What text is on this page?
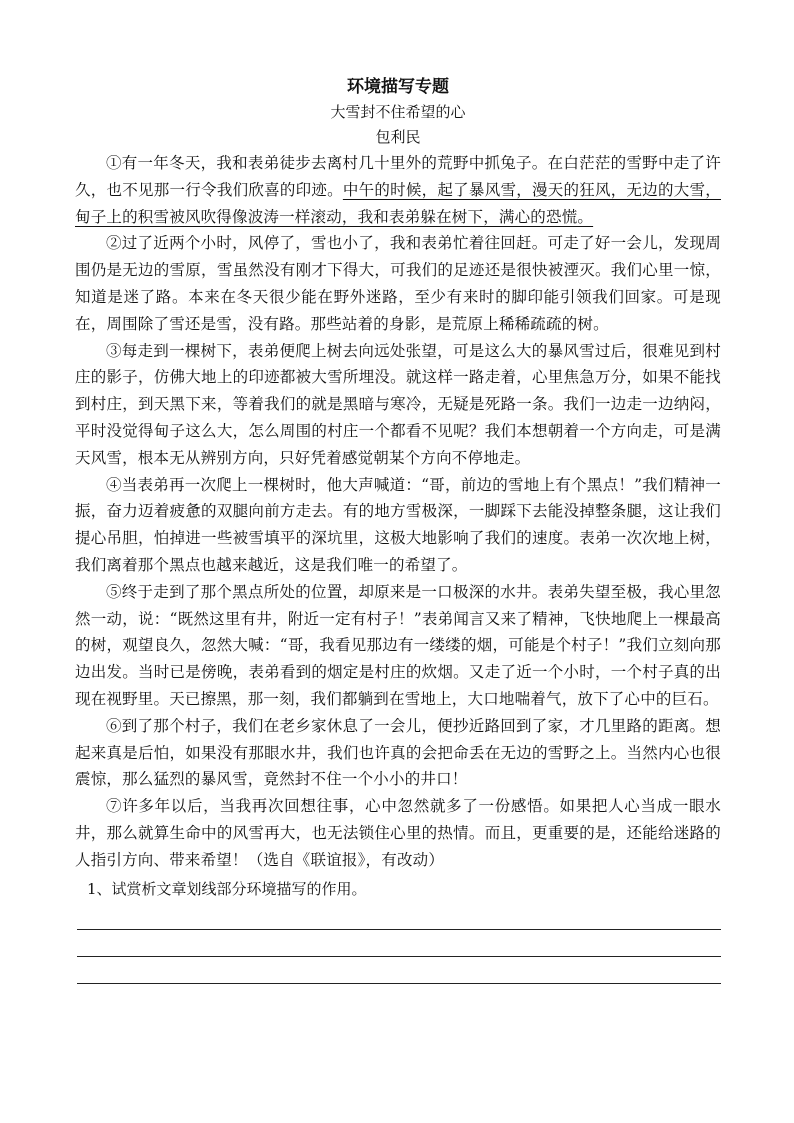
环境描写专题

大雪封不住希望的心

包利民

①有一年冬天，我和表弟徒步去离村几十里外的荒野中抓兔子。在白茫茫的雪野中走了许久，也不见那一行令我们欣喜的印迹。中午的时候，起了暴风雪，漫天的狂风，无边的大雪，甸子上的积雪被风吹得像波涛一样滚动，我和表弟躲在树下，满心的恐慌。

②过了近两个小时，风停了，雪也小了，我和表弟忙着往回赶。可走了好一会儿，发现周围仍是无边的雪原，雪虽然没有刚才下得大，可我们的足迹还是很快被湮灭。我们心里一惊，知道是迷了路。本来在冬天很少能在野外迷路，至少有来时的脚印能引领我们回家。可是现在，周围除了雪还是雪，没有路。那些站着的身影，是荒原上稀稀疏疏的树。

③每走到一棵树下，表弟便爬上树去向远处张望，可是这么大的暴风雪过后，很难见到村庄的影子，仿佛大地上的印迹都被大雪所埋没。就这样一路走着，心里焦急万分，如果不能找到村庄，到天黑下来，等着我们的就是黑暗与寒冷，无疑是死路一条。我们一边走一边纳闷，平时没觉得甸子这么大，怎么周围的村庄一个都看不见呢？我们本想朝着一个方向走，可是满天风雪，根本无从辨别方向，只好凭着感觉朝某个方向不停地走。

④当表弟再一次爬上一棵树时，他大声喊道：“哥，前边的雪地上有个黑点！”我们精神一振，奋力迈着疲惫的双腿向前方走去。有的地方雪极深，一脚踩下去能没掉整条腿，这让我们提心吊胆，怕掉进一些被雪填平的深坑里，这极大地影响了我们的速度。表弟一次次地上树，我们离着那个黑点也越来越近，这是我们唯一的希望了。

⑤终于走到了那个黑点所处的位置，却原来是一口极深的水井。表弟失望至极，我心里忽然一动，说：“既然这里有井，附近一定有村子！”表弟闻言又来了精神，飞快地爬上一棵最高的树，观望良久，忽然大喊：“哥，我看见那边有一缕缕的烟，可能是个村子！”我们立刻向那边出发。当时已是傍晚，表弟看到的烟定是村庄的炊烟。又走了近一个小时，一个村子真的出现在视野里。天已擦黑，那一刻，我们都躺到在雪地上，大口地喘着气，放下了心中的巨石。

⑥到了那个村子，我们在老乡家休息了一会儿，便抄近路回到了家，才几里路的距离。想起来真是后怕，如果没有那眼水井，我们也许真的会把命丢在无边的雪野之上。当然内心也很震惊，那么猛烈的暴风雪，竟然封不住一个小小的井口！

⑦许多年以后，当我再次回想往事，心中忽然就多了一份感悟。如果把人心当成一眼水井，那么就算生命中的风雪再大，也无法锁住心里的热情。而且，更重要的是，还能给迷路的人指引方向、带来希望！（选自《联谊报》，有改动）

1、试赏析文章划线部分环境描写的作用。
